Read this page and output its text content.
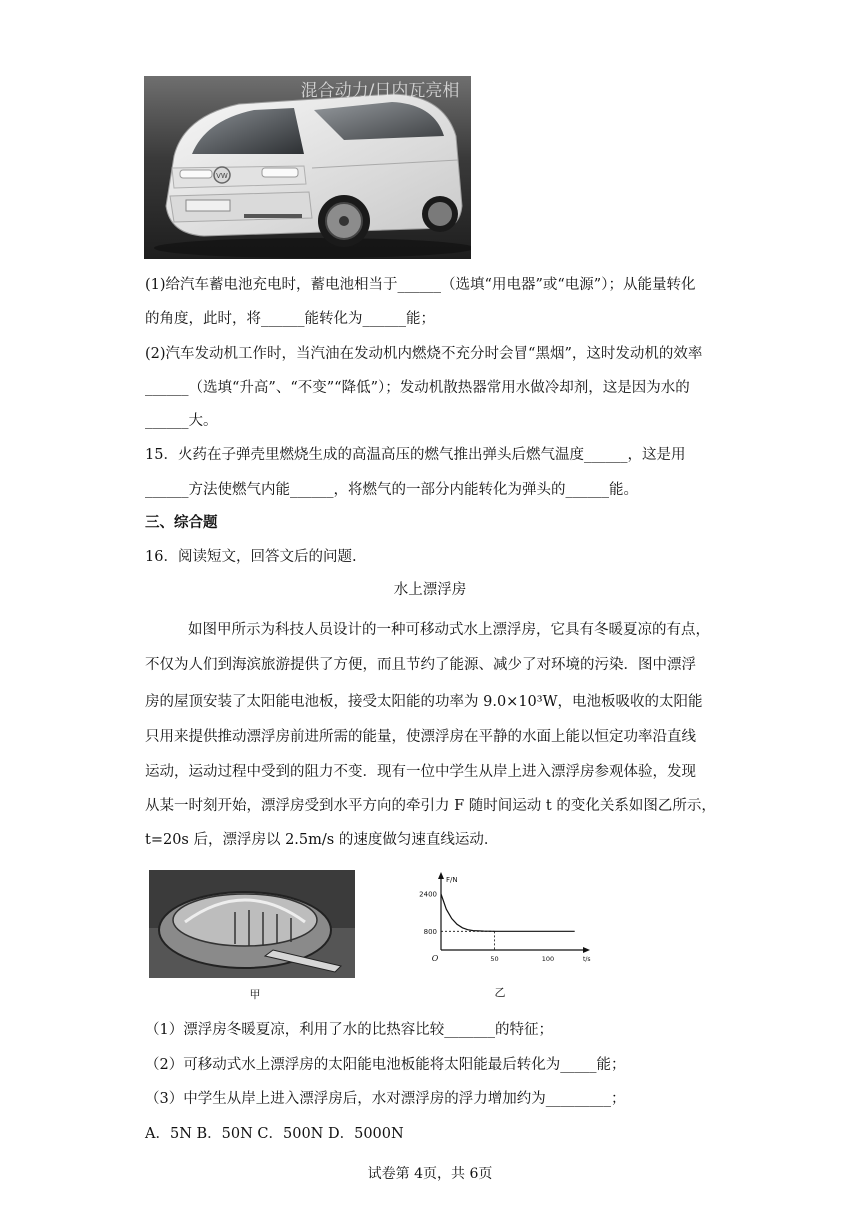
VW
混合动力/日内瓦亮相
(1)给汽车蓄电池充电时，蓄电池相当于______（选填“用电器”或“电源”）；从能量转化
的角度，此时，将______能转化为______能；
(2)汽车发动机工作时，当汽油在发动机内燃烧不充分时会冒“黑烟”，这时发动机的效率
______（选填“升高”、“不变”“降低”）；发动机散热器常用水做冷却剂，这是因为水的
______大。
15．火药在子弹壳里燃烧生成的高温高压的燃气推出弹头后燃气温度______，这是用
______方法使燃气内能______，将燃气的一部分内能转化为弹头的______能。
三、综合题
16．阅读短文，回答文后的问题.
水上漂浮房
如图甲所示为科技人员设计的一种可移动式水上漂浮房，它具有冬暖夏凉的有点，
不仅为人们到海滨旅游提供了方便，而且节约了能源、减少了对环境的污染．图中漂浮
房的屋顶安装了太阳能电池板，接受太阳能的功率为 9.0×10³W，电池板吸收的太阳能
只用来提供推动漂浮房前进所需的能量，使漂浮房在平静的水面上能以恒定功率沿直线
运动，运动过程中受到的阻力不变．现有一位中学生从岸上进入漂浮房参观体验，发现
从某一时刻开始，漂浮房受到水平方向的牵引力 F 随时间运动 t 的变化关系如图乙所示，
t=20s 后，漂浮房以 2.5m/s 的速度做匀速直线运动．
甲
F/N
t/s
2400
800
O	50	100
乙
（1）漂浮房冬暖夏凉，利用了水的比热容比较_______的特征；
（2）可移动式水上漂浮房的太阳能电池板能将太阳能最后转化为_____能；
（3）中学生从岸上进入漂浮房后，水对漂浮房的浮力增加约为_________；
A．5N B．50N C．500N D．5000N
试卷第 4页，共 6页
